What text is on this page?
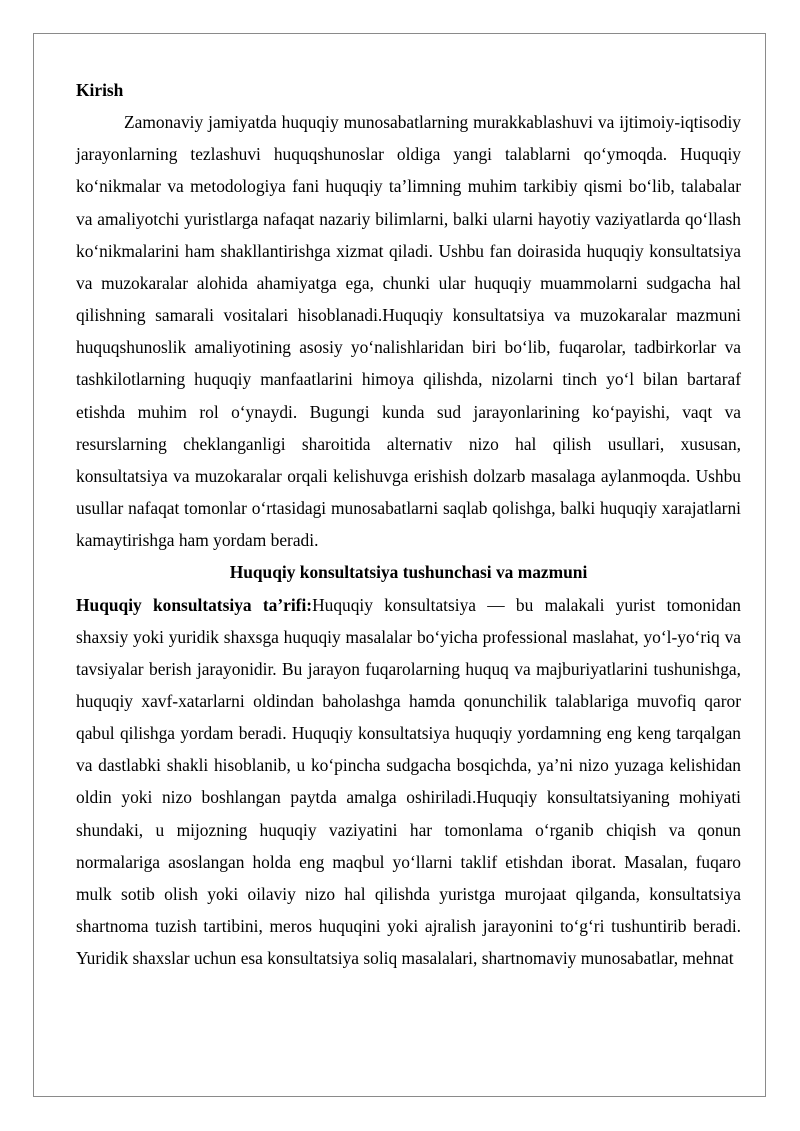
Kirish

Zamonaviy jamiyatda huquqiy munosabatlarning murakkablashuvi va ijtimoiy-iqtisodiy jarayonlarning tezlashuvi huquqshunoslar oldiga yangi talablarni qo‘ymoqda. Huquqiy ko‘nikmalar va metodologiya fani huquqiy ta’limning muhim tarkibiy qismi bo‘lib, talabalar va amaliyotchi yuristlarga nafaqat nazariy bilimlarni, balki ularni hayotiy vaziyatlarda qo‘llash ko‘nikmalarini ham shakllantirishga xizmat qiladi. Ushbu fan doirasida huquqiy konsultatsiya va muzokaralar alohida ahamiyatga ega, chunki ular huquqiy muammolarni sudgacha hal qilishning samarali vositalari hisoblanadi.Huquqiy konsultatsiya va muzokaralar mazmuni huquqshunoslik amaliyotining asosiy yo‘nalishlaridan biri bo‘lib, fuqarolar, tadbirkorlar va tashkilotlarning huquqiy manfaatlarini himoya qilishda, nizolarni tinch yo‘l bilan bartaraf etishda muhim rol o‘ynaydi. Bugungi kunda sud jarayonlarining ko‘payishi, vaqt va resurslarning cheklanganligi sharoitida alternativ nizo hal qilish usullari, xususan, konsultatsiya va muzokaralar orqali kelishuvga erishish dolzarb masalaga aylanmoqda. Ushbu usullar nafaqat tomonlar o‘rtasidagi munosabatlarni saqlab qolishga, balki huquqiy xarajatlarni kamaytirishga ham yordam beradi.

Huquqiy konsultatsiya tushunchasi va mazmuni

Huquqiy konsultatsiya ta’rifi:Huquqiy konsultatsiya — bu malakali yurist tomonidan shaxsiy yoki yuridik shaxsga huquqiy masalalar bo‘yicha professional maslahat, yo‘l-yo‘riq va tavsiyalar berish jarayonidir. Bu jarayon fuqarolarning huquq va majburiyatlarini tushunishga, huquqiy xavf-xatarlarni oldindan baholashga hamda qonunchilik talablariga muvofiq qaror qabul qilishga yordam beradi. Huquqiy konsultatsiya huquqiy yordamning eng keng tarqalgan va dastlabki shakli hisoblanib, u ko‘pincha sudgacha bosqichda, ya’ni nizo yuzaga kelishidan oldin yoki nizo boshlangan paytda amalga oshiriladi.Huquqiy konsultatsiyaning mohiyati shundaki, u mijozning huquqiy vaziyatini har tomonlama o‘rganib chiqish va qonun normalariga asoslangan holda eng maqbul yo‘llarni taklif etishdan iborat. Masalan, fuqaro mulk sotib olish yoki oilaviy nizo hal qilishda yuristga murojaat qilganda, konsultatsiya shartnoma tuzish tartibini, meros huquqini yoki ajralish jarayonini to‘g‘ri tushuntirib beradi. Yuridik shaxslar uchun esa konsultatsiya soliq masalalari, shartnomaviy munosabatlar, mehnat
